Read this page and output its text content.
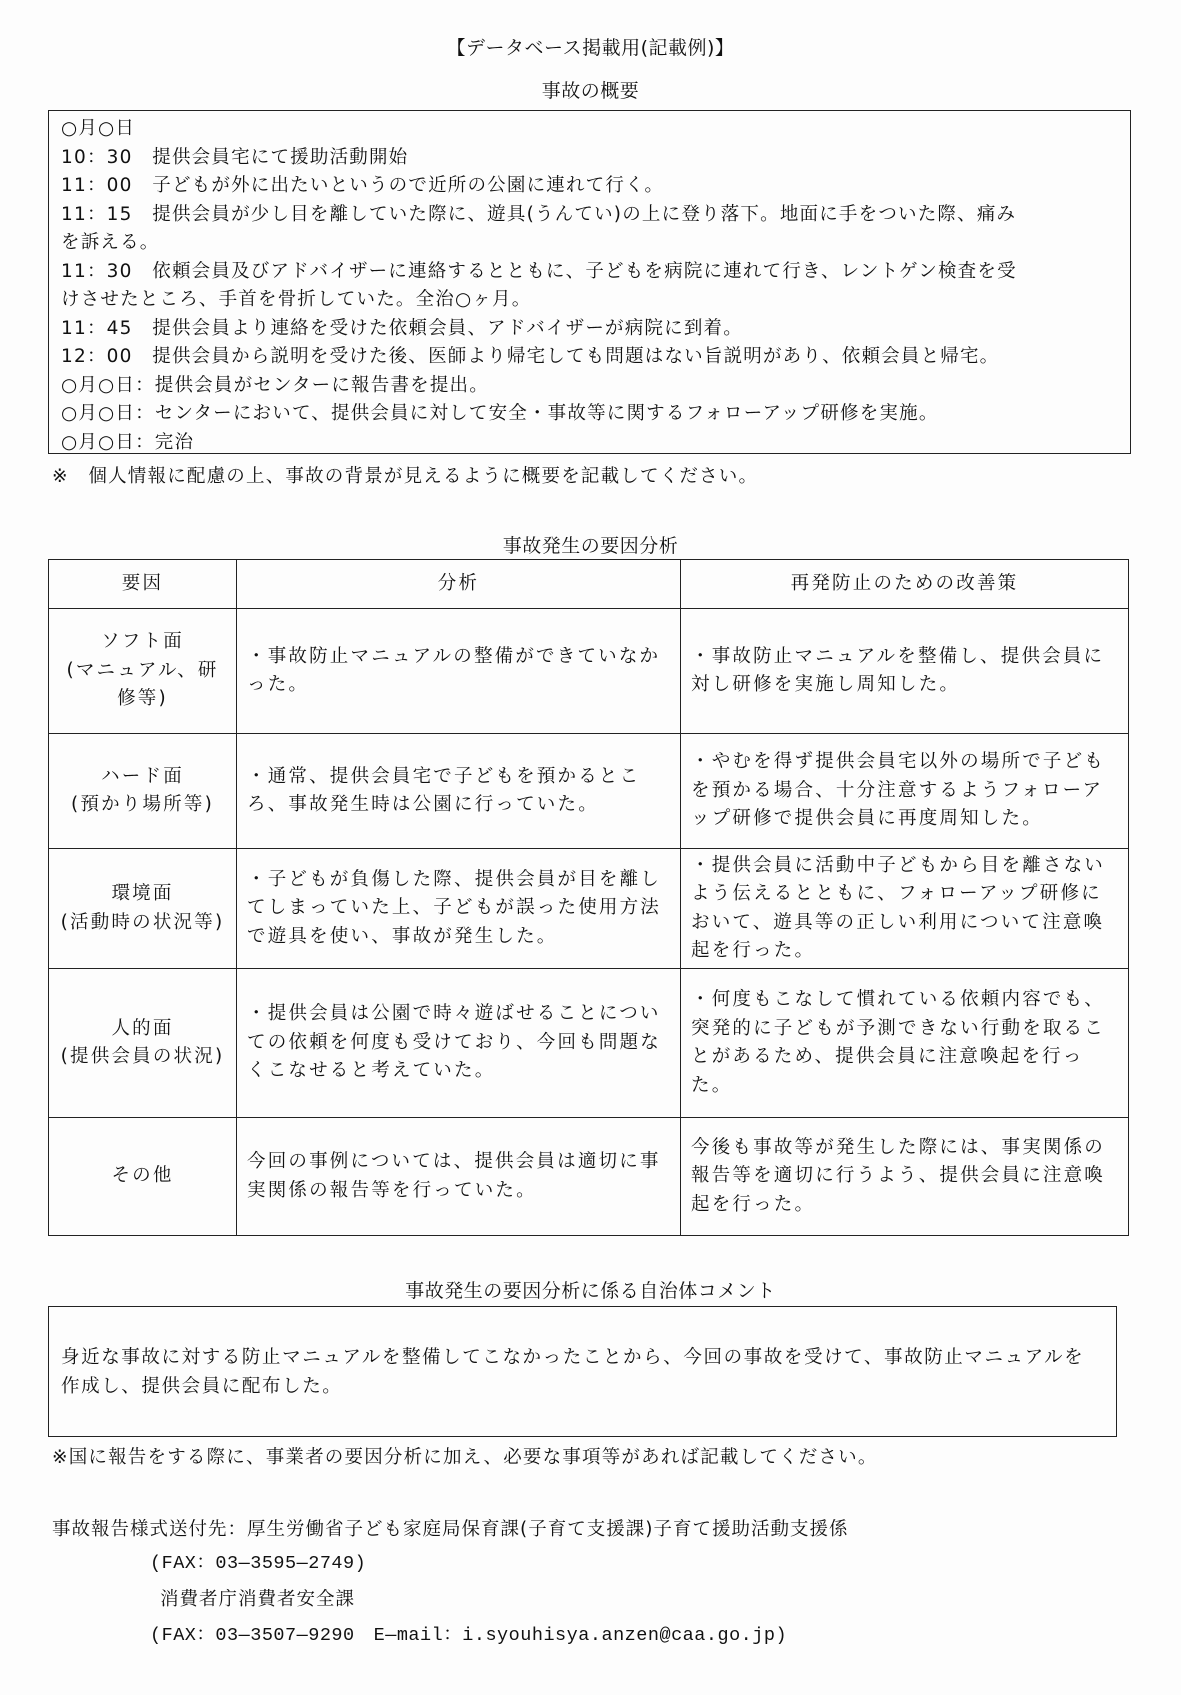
【データベース掲載用(記載例)】
事故の概要
○月○日
10：30　提供会員宅にて援助活動開始
11：00　子どもが外に出たいというので近所の公園に連れて行く。
11：15　提供会員が少し目を離していた際に、遊具(うんてい)の上に登り落下。地面に手をついた際、痛み
を訴える。
11：30　依頼会員及びアドバイザーに連絡するとともに、子どもを病院に連れて行き、レントゲン検査を受
けさせたところ、手首を骨折していた。全治○ヶ月。
11：45　提供会員より連絡を受けた依頼会員、アドバイザーが病院に到着。
12：00　提供会員から説明を受けた後、医師より帰宅しても問題はない旨説明があり、依頼会員と帰宅。
○月○日：提供会員がセンターに報告書を提出。
○月○日：センターにおいて、提供会員に対して安全・事故等に関するフォローアップ研修を実施。
○月○日：完治
※　個人情報に配慮の上、事故の背景が見えるように概要を記載してください。
事故発生の要因分析
要因	分析	再発防止のための改善策
ソフト面
(マニュアル、研修等)	・事故防止マニュアルの整備ができていなかった。	・事故防止マニュアルを整備し、提供会員に対し研修を実施し周知した。
ハード面
(預かり場所等)	・通常、提供会員宅で子どもを預かるところ、事故発生時は公園に行っていた。	・やむを得ず提供会員宅以外の場所で子どもを預かる場合、十分注意するようフォローアップ研修で提供会員に再度周知した。
環境面
(活動時の状況等)	・子どもが負傷した際、提供会員が目を離してしまっていた上、子どもが誤った使用方法で遊具を使い、事故が発生した。	・提供会員に活動中子どもから目を離さないよう伝えるとともに、フォローアップ研修において、遊具等の正しい利用について注意喚起を行った。
人的面
(提供会員の状況)	・提供会員は公園で時々遊ばせることについての依頼を何度も受けており、今回も問題なくこなせると考えていた。	・何度もこなして慣れている依頼内容でも、突発的に子どもが予測できない行動を取ることがあるため、提供会員に注意喚起を行った。
その他	今回の事例については、提供会員は適切に事実関係の報告等を行っていた。	今後も事故等が発生した際には、事実関係の報告等を適切に行うよう、提供会員に注意喚起を行った。
事故発生の要因分析に係る自治体コメント
身近な事故に対する防止マニュアルを整備してこなかったことから、今回の事故を受けて、事故防止マニュアルを作成し、提供会員に配布した。
※国に報告をする際に、事業者の要因分析に加え、必要な事項等があれば記載してください。
事故報告様式送付先：厚生労働省子ども家庭局保育課(子育て支援課)子育て援助活動支援係
(FAX：03―3595―2749)
消費者庁消費者安全課
(FAX：03―3507―9290　E―mail：i.syouhisya.anzen@caa.go.jp)
